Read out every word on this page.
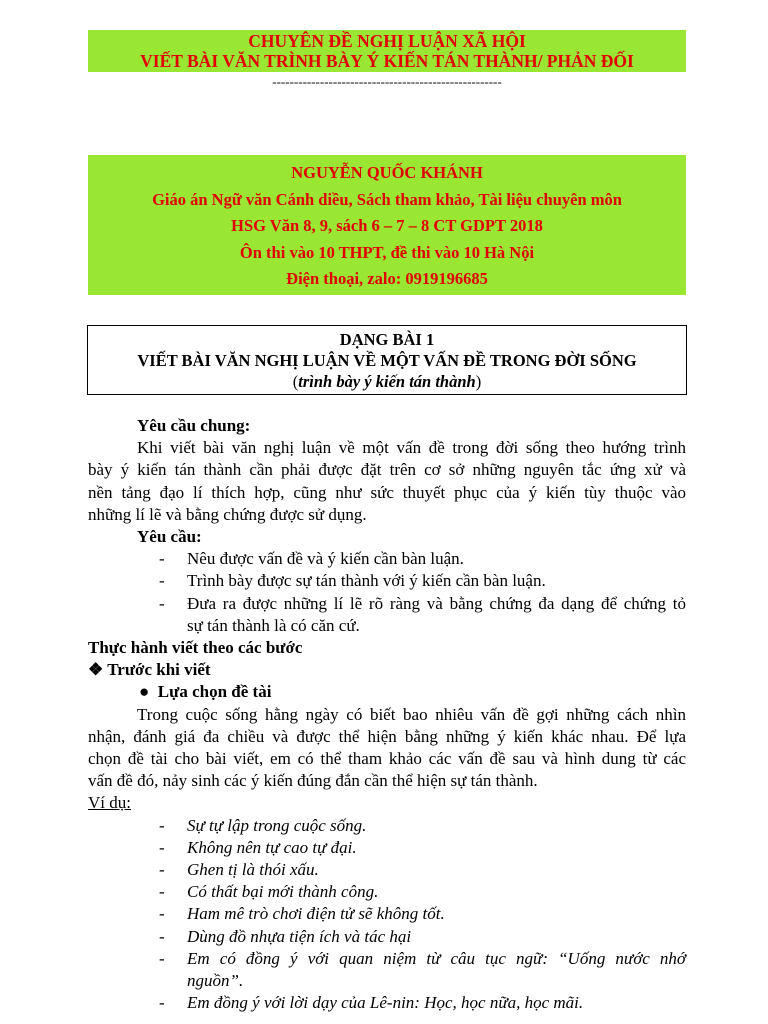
CHUYÊN ĐỀ NGHỊ LUẬN XÃ HỘI
VIẾT BÀI VĂN TRÌNH BÀY Ý KIẾN TÁN THÀNH/ PHẢN ĐỐI
-----------------------------------------------------
NGUYỄN QUỐC KHÁNH
Giáo án Ngữ văn Cánh diều, Sách tham khảo, Tài liệu chuyên môn
HSG Văn 8, 9, sách 6 – 7 – 8 CT GDPT 2018
Ôn thi vào 10 THPT, đề thi vào 10 Hà Nội
Điện thoại, zalo: 0919196685
DẠNG BÀI 1
VIẾT BÀI VĂN NGHỊ LUẬN VỀ MỘT VẤN ĐỀ TRONG ĐỜI SỐNG
(trình bày ý kiến tán thành)
Yêu cầu chung:
Khi viết bài văn nghị luận về một vấn đề trong đời sống theo hướng trình
bày ý kiến tán thành cần phải được đặt trên cơ sở những nguyên tắc ứng xử và
nền tảng đạo lí thích hợp, cũng như sức thuyết phục của ý kiến tùy thuộc vào
những lí lẽ và bằng chứng được sử dụng.
Yêu cầu:
- Nêu được vấn đề và ý kiến cần bàn luận.
- Trình bày được sự tán thành với ý kiến cần bàn luận.
- Đưa ra được những lí lẽ rõ ràng và bằng chứng đa dạng để chứng tỏ
sự tán thành là có căn cứ.
Thực hành viết theo các bước
❖ Trước khi viết
● Lựa chọn đề tài
Trong cuộc sống hằng ngày có biết bao nhiêu vấn đề gợi những cách nhìn
nhận, đánh giá đa chiều và được thể hiện bằng những ý kiến khác nhau. Để lựa
chọn đề tài cho bài viết, em có thể tham khảo các vấn đề sau và hình dung từ các
vấn đề đó, nảy sinh các ý kiến đúng đắn cần thể hiện sự tán thành.
Ví dụ:
- Sự tự lập trong cuộc sống.
- Không nên tự cao tự đại.
- Ghen tị là thói xấu.
- Có thất bại mới thành công.
- Ham mê trò chơi điện tử sẽ không tốt.
- Dùng đồ nhựa tiện ích và tác hại
- Em có đồng ý với quan niệm từ câu tục ngữ: “Uống nước nhớ
nguồn”.
- Em đồng ý với lời dạy của Lê-nin: Học, học nữa, học mãi.
